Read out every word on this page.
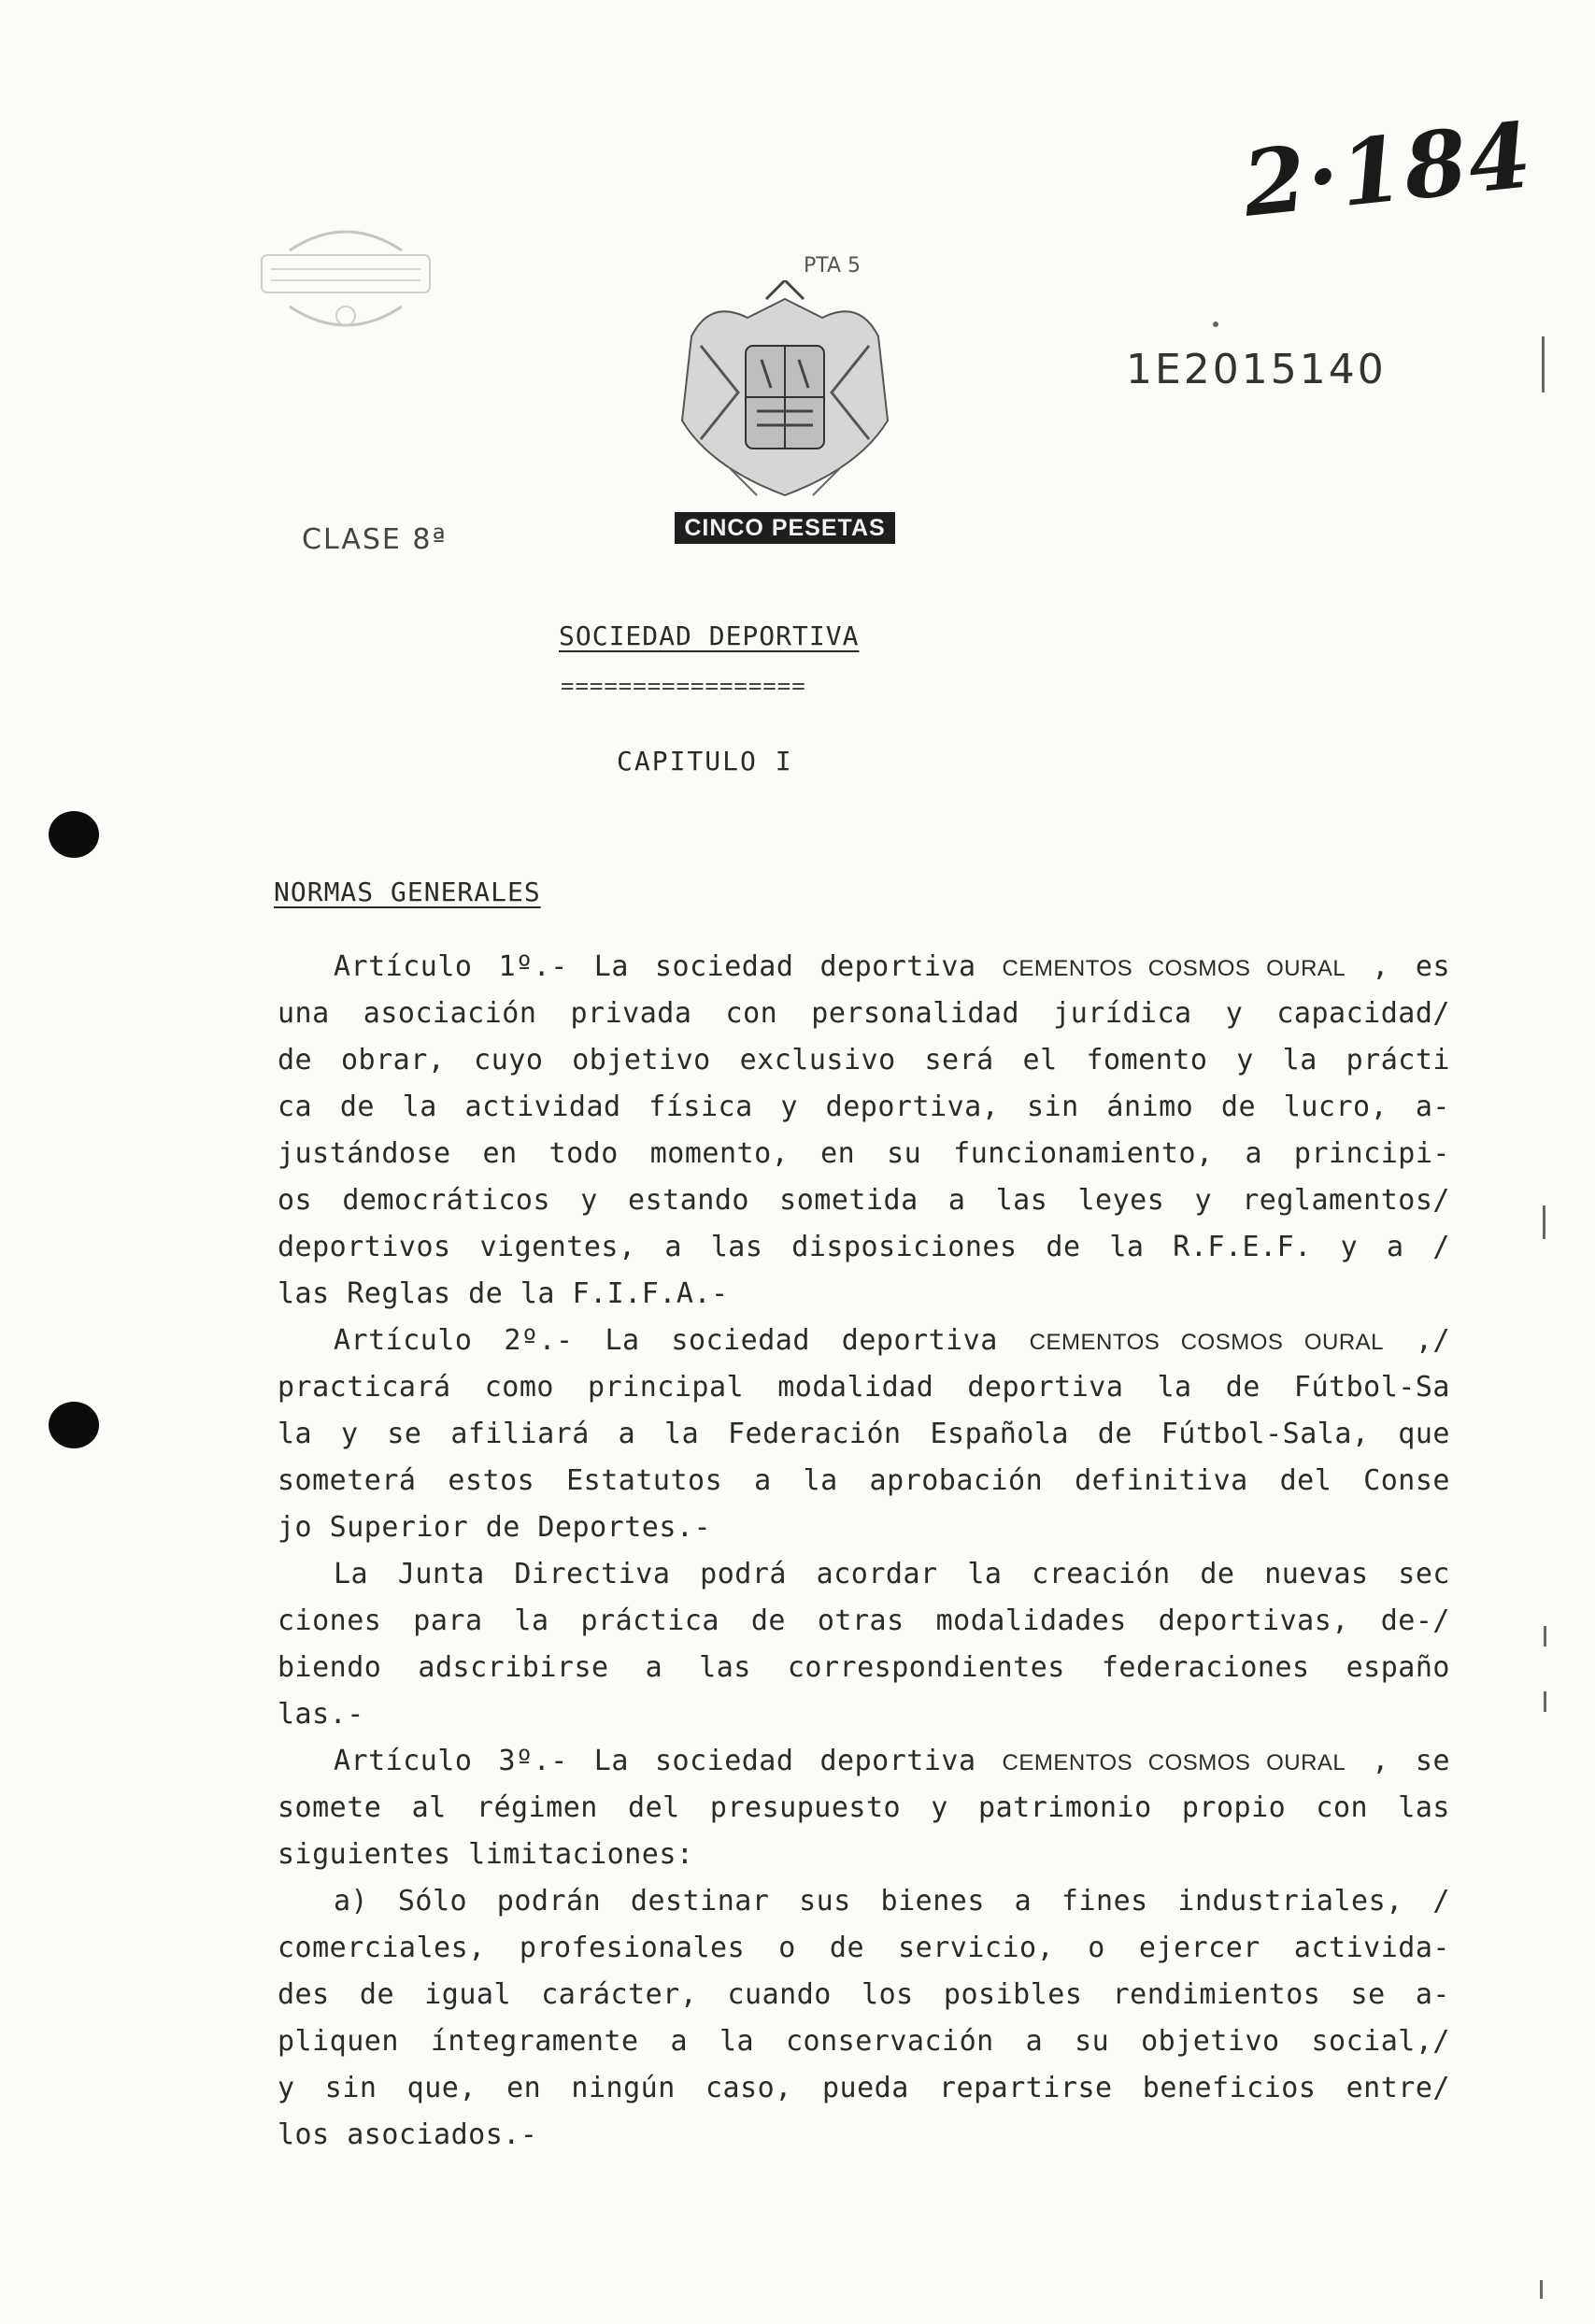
2·184
PTA 5
CINCO PESETAS
1E2015140
CLASE 8ª
SOCIEDAD DEPORTIVA
=================
CAPITULO I
NORMAS GENERALES
Artículo 1º.- La sociedad deportiva CEMENTOS COSMOS OURAL , es
una asociación privada con personalidad jurídica y capacidad/
de obrar, cuyo objetivo exclusivo será el fomento y la prácti
ca de la actividad física y deportiva, sin ánimo de lucro, a-
justándose en todo momento, en su funcionamiento, a principi-
os democráticos y estando sometida a las leyes y reglamentos/
deportivos vigentes, a las disposiciones de la R.F.E.F. y a /
las Reglas de la F.I.F.A.-
Artículo 2º.- La sociedad deportiva CEMENTOS COSMOS OURAL ,/
practicará como principal modalidad deportiva la de Fútbol-Sa
la y se afiliará a la Federación Española de Fútbol-Sala, que
someterá estos Estatutos a la aprobación definitiva del Conse
jo Superior de Deportes.-
La Junta Directiva podrá acordar la creación de nuevas sec
ciones para la práctica de otras modalidades deportivas, de-/
biendo adscribirse a las correspondientes federaciones españo
las.-
Artículo 3º.- La sociedad deportiva CEMENTOS COSMOS OURAL , se
somete al régimen del presupuesto y patrimonio propio con las
siguientes limitaciones:
a) Sólo podrán destinar sus bienes a fines industriales, /
comerciales, profesionales o de servicio, o ejercer activida-
des de igual carácter, cuando los posibles rendimientos se a-
pliquen íntegramente a la conservación a su objetivo social,/
y sin que, en ningún caso, pueda repartirse beneficios entre/
los asociados.-
